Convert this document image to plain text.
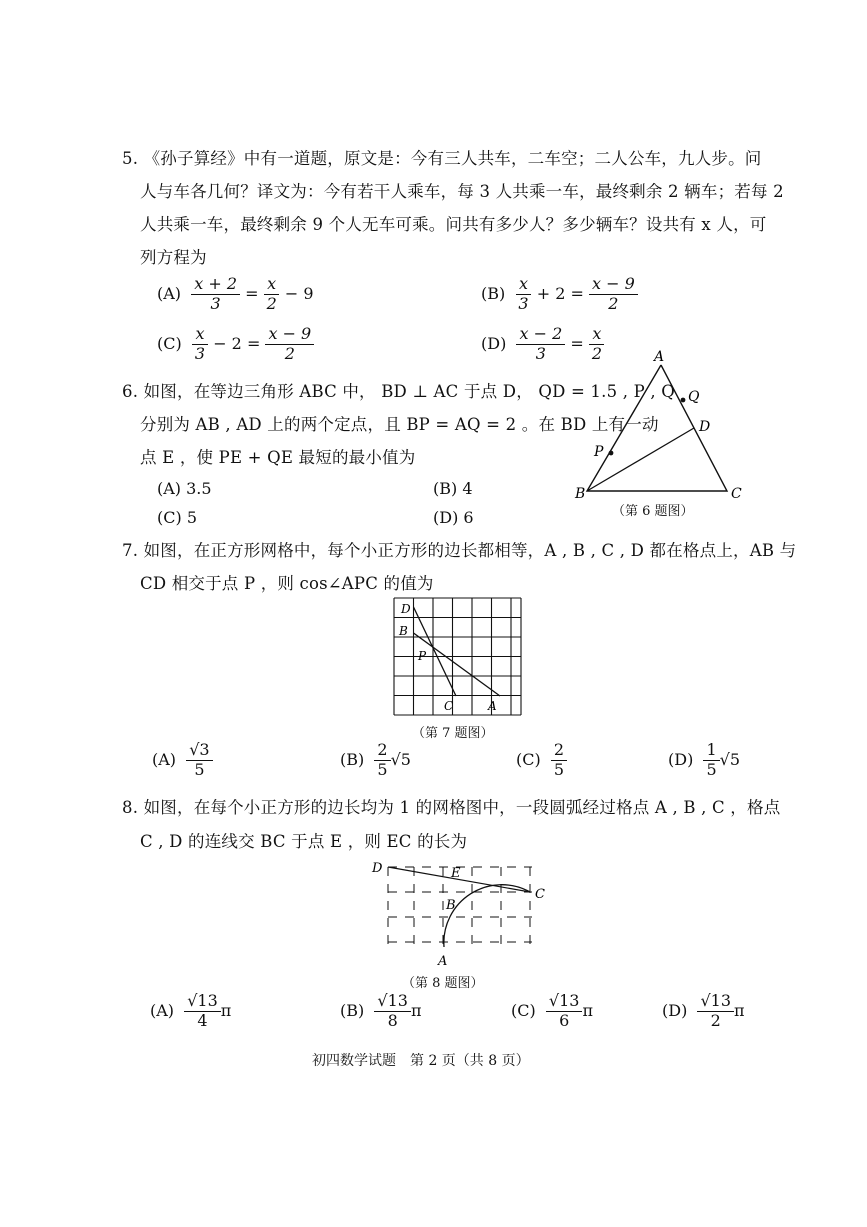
5. 《孙子算经》中有一道题，原文是：今有三人共车，二车空；二人公车，九人步。问
人与车各几何？译文为：今有若干人乘车，每 3 人共乘一车，最终剩余 2 辆车；若每 2
人共乘一车，最终剩余 9 个人无车可乘。问共有多少人？多少辆车？设共有 x 人，可
列方程为
$(A) \frac{x + 2}{3} = \frac{x}{2} - 9$	$(B) \frac{x}{3} + 2 = \frac{x - 9}{2}$
$(C) \frac{x}{3} - 2 = \frac{x - 9}{2}$	$(D) \frac{x - 2}{3} = \frac{x}{2}$
6. 如图，在等边三角形 ABC 中， BD ⊥ AC 于点 D， QD = 1.5 , P , Q
分别为 AB , AD 上的两个定点，且 BP = AQ = 2 。在 BD 上有一动
点 E ，使 PE + QE 最短的最小值为
(A) 3.5	(B) 4
(C) 5	(D) 6
A
B	C
D
P
Q
（第 6 题图）
7. 如图，在正方形网格中，每个小正方形的边长都相等，A , B , C , D 都在格点上，AB 与
CD 相交于点 P ，则 cos∠APC 的值为
D
B
P
C	A
（第 7 题图）
$(A) \frac{√3}{5}$	$(B) \frac{2}{5} √5$	$(C) \frac{2}{5}$	$(D) \frac{1}{5} √5$
8. 如图，在每个小正方形的边长均为 1 的网格图中，一段圆弧经过格点 A , B , C ，格点
C , D 的连线交 BC 于点 E ，则 EC 的长为
D	E
B
C
A
（第 8 题图）
$(A) \frac{√13}{4}$ π	$(B) \frac{√13}{8}$ π	$(C) \frac{√13}{6}$ π	$(D) \frac{√13}{2}$ π
初四数学试题　第 2 页（共 8 页）
